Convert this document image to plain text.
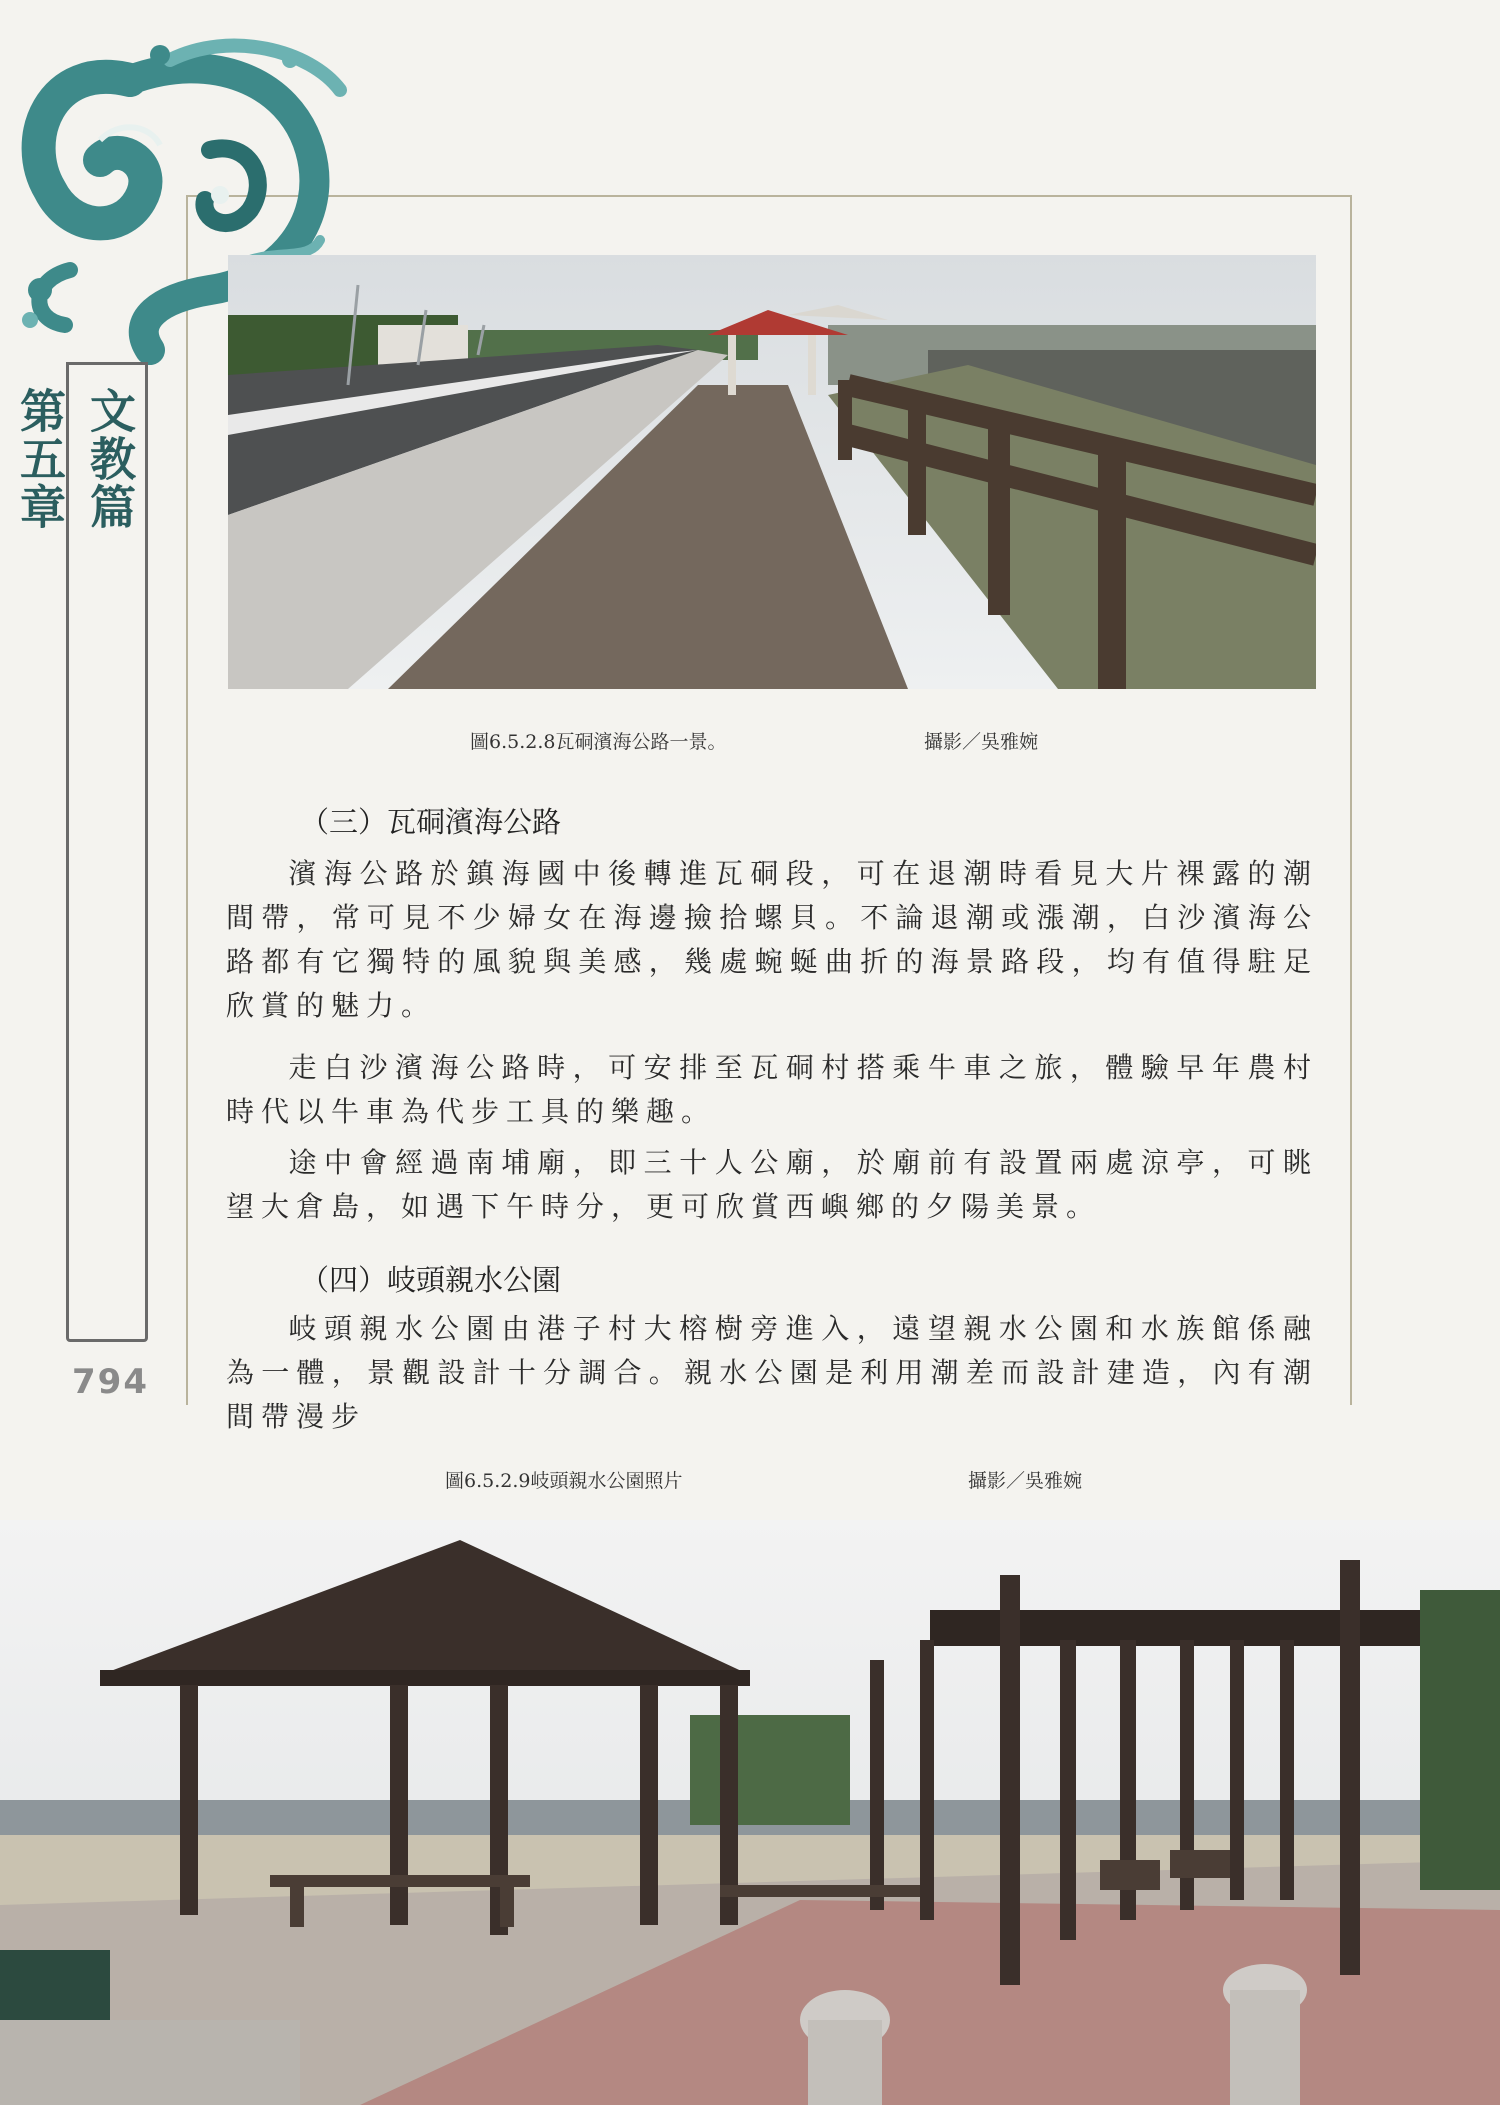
文教篇
第五章
794
圖6.5.2.8瓦硐濱海公路一景。	攝影／吳雅婉
（三）瓦硐濱海公路

濱海公路於鎮海國中後轉進瓦硐段，可在退潮時看見大片裸露的潮間帶，常可見不少婦女在海邊撿拾螺貝。不論退潮或漲潮，白沙濱海公路都有它獨特的風貌與美感，幾處蜿蜒曲折的海景路段，均有值得駐足欣賞的魅力。

走白沙濱海公路時，可安排至瓦硐村搭乘牛車之旅，體驗早年農村時代以牛車為代步工具的樂趣。

途中會經過南埔廟，即三十人公廟，於廟前有設置兩處涼亭，可眺望大倉島，如遇下午時分，更可欣賞西嶼鄉的夕陽美景。

（四）岐頭親水公園

岐頭親水公園由港子村大榕樹旁進入，遠望親水公園和水族館係融為一體，景觀設計十分調合。親水公園是利用潮差而設計建造，內有潮間帶漫步

圖6.5.2.9岐頭親水公園照片	攝影／吳雅婉
